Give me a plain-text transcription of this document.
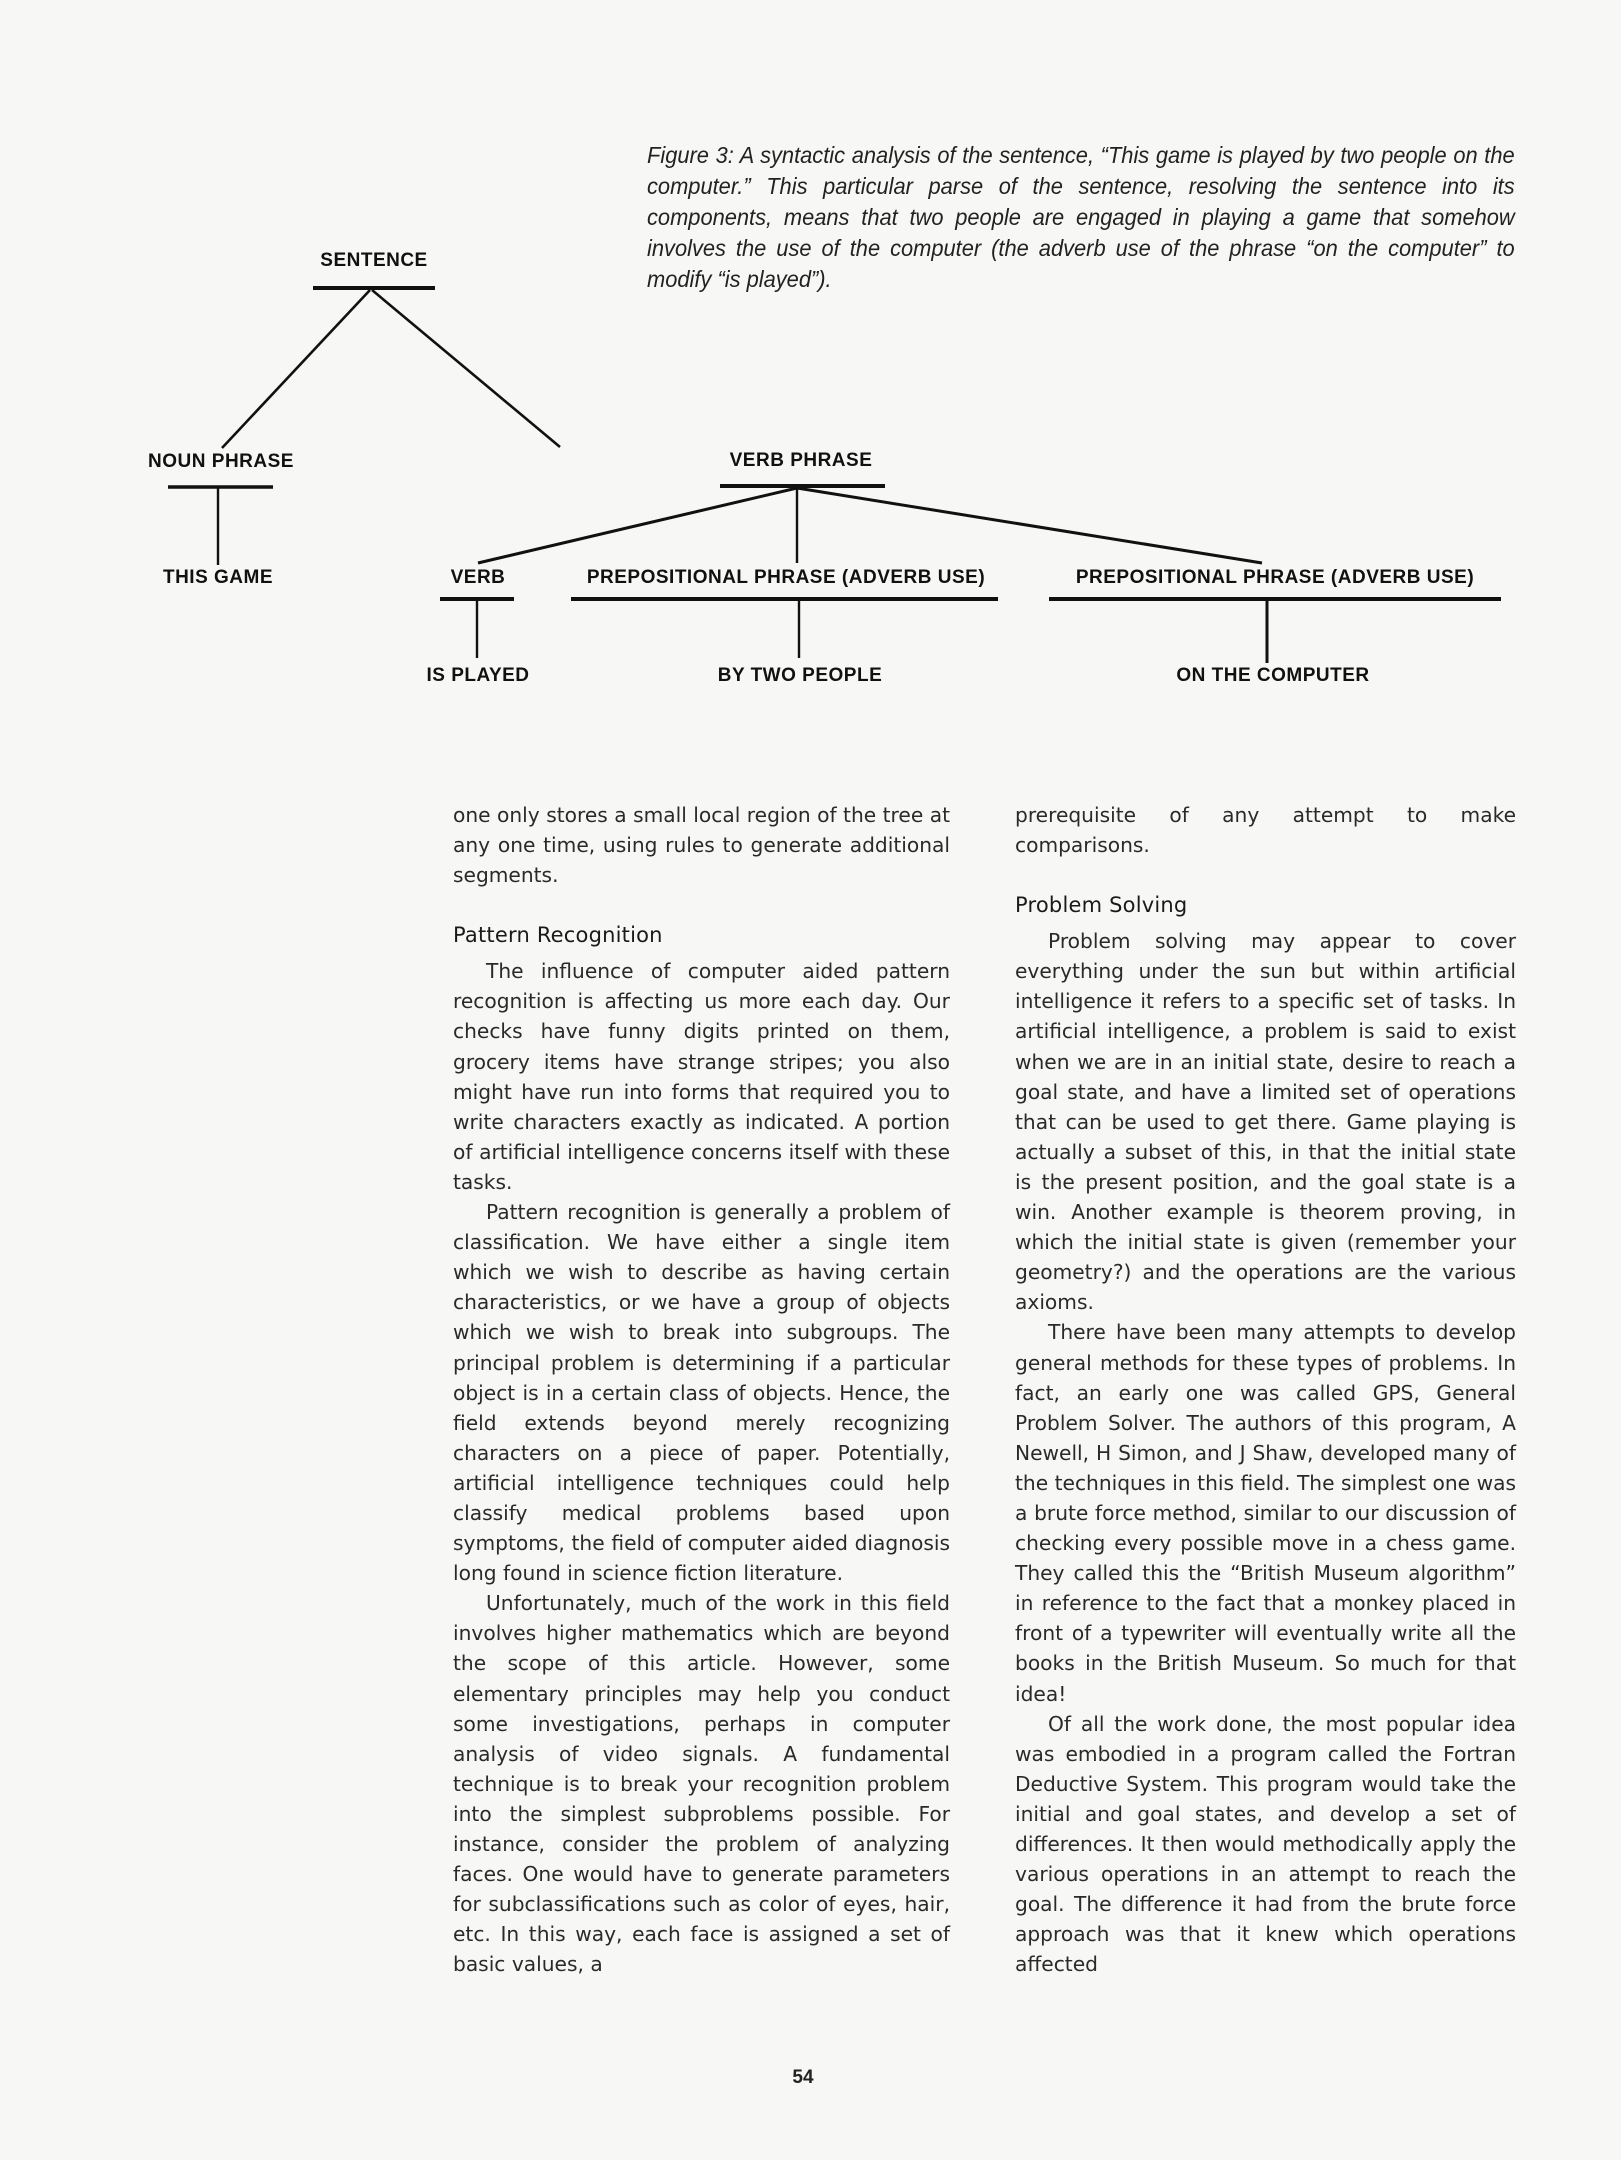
Figure 3: A syntactic analysis of the sentence, “This game is played by two people on the computer.” This particular parse of the sentence, resolving the sentence into its components, means that two people are engaged in playing a game that somehow involves the use of the computer (the adverb use of the phrase “on the computer” to modify “is played”).
SENTENCE
NOUN PHRASE	VERB PHRASE
THIS GAME	VERB	PREPOSITIONAL PHRASE (ADVERB USE)	PREPOSITIONAL PHRASE (ADVERB USE)
IS PLAYED	BY TWO PEOPLE	ON THE COMPUTER

one only stores a small local region of the tree at any one time, using rules to generate additional segments.

Pattern Recognition

The influence of computer aided pattern recognition is affecting us more each day. Our checks have funny digits printed on them, grocery items have strange stripes; you also might have run into forms that required you to write characters exactly as indicated. A portion of artificial intelligence concerns itself with these tasks.

Pattern recognition is generally a problem of classification. We have either a single item which we wish to describe as having certain characteristics, or we have a group of objects which we wish to break into subgroups. The principal problem is determining if a particular object is in a certain class of objects. Hence, the field extends beyond merely recognizing characters on a piece of paper. Potentially, artificial intelligence techniques could help classify medical problems based upon symptoms, the field of computer aided diagnosis long found in science fiction literature.

Unfortunately, much of the work in this field involves higher mathematics which are beyond the scope of this article. However, some elementary principles may help you conduct some investigations, perhaps in computer analysis of video signals. A fundamental technique is to break your recognition problem into the simplest subproblems possible. For instance, consider the problem of analyzing faces. One would have to generate parameters for subclassifications such as color of eyes, hair, etc. In this way, each face is assigned a set of basic values, a

prerequisite of any attempt to make comparisons.

Problem Solving

Problem solving may appear to cover everything under the sun but within artificial intelligence it refers to a specific set of tasks. In artificial intelligence, a problem is said to exist when we are in an initial state, desire to reach a goal state, and have a limited set of operations that can be used to get there. Game playing is actually a subset of this, in that the initial state is the present position, and the goal state is a win. Another example is theorem proving, in which the initial state is given (remember your geometry?) and the operations are the various axioms.

There have been many attempts to develop general methods for these types of problems. In fact, an early one was called GPS, General Problem Solver. The authors of this program, A Newell, H Simon, and J Shaw, developed many of the techniques in this field. The simplest one was a brute force method, similar to our discussion of checking every possible move in a chess game. They called this the “British Museum algorithm” in reference to the fact that a monkey placed in front of a typewriter will eventually write all the books in the British Museum. So much for that idea!

Of all the work done, the most popular idea was embodied in a program called the Fortran Deductive System. This program would take the initial and goal states, and develop a set of differences. It then would methodically apply the various operations in an attempt to reach the goal. The difference it had from the brute force approach was that it knew which operations affected

54
